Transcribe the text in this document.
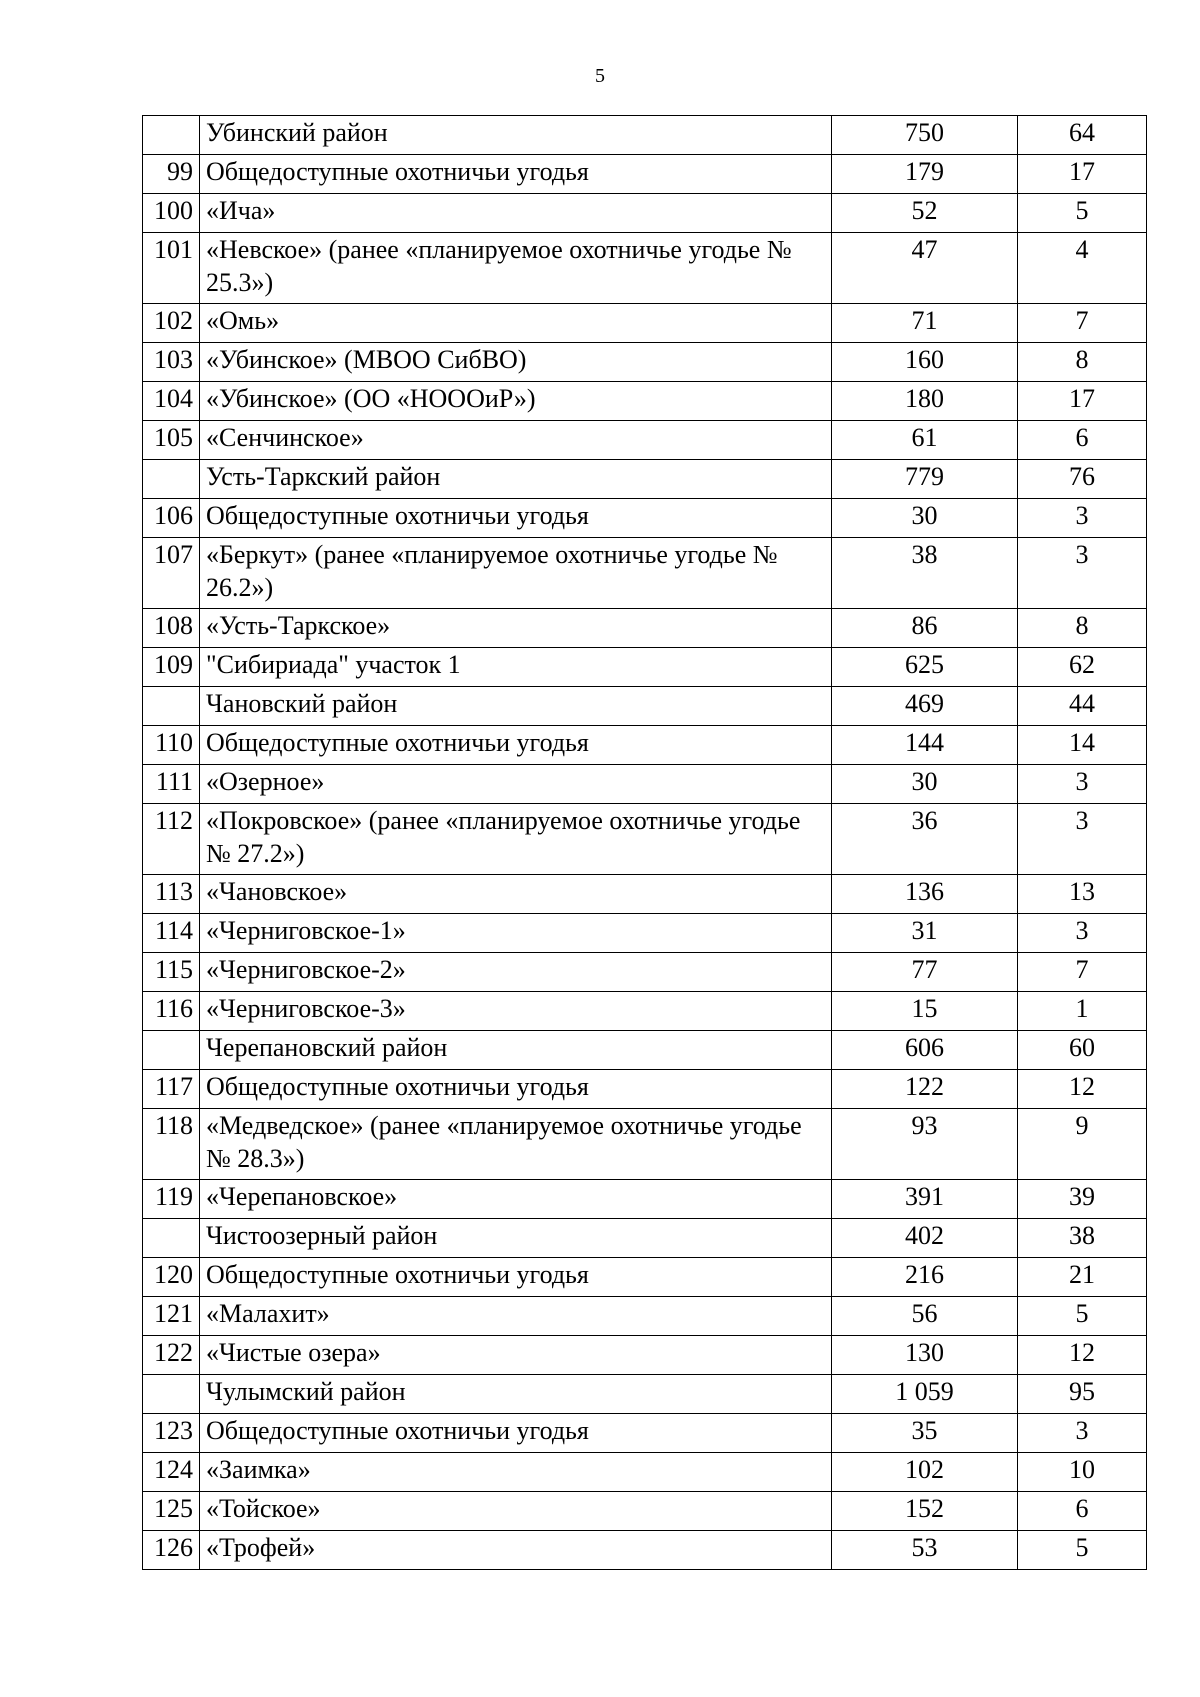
5
	Убинский район	750	64
99	Общедоступные охотничьи угодья	179	17
100	«Ича»	52	5
101	«Невское» (ранее «планируемое охотничье угодье № 25.3»)	47	4
102	«Омь»	71	7
103	«Убинское» (МВОО СибВО)	160	8
104	«Убинское» (ОО «НОООиР»)	180	17
105	«Сенчинское»	61	6
	Усть-Таркский район	779	76
106	Общедоступные охотничьи угодья	30	3
107	«Беркут» (ранее «планируемое охотничье угодье № 26.2»)	38	3
108	«Усть-Таркское»	86	8
109	"Сибириада" участок 1	625	62
	Чановский район	469	44
110	Общедоступные охотничьи угодья	144	14
111	«Озерное»	30	3
112	«Покровское» (ранее «планируемое охотничье угодье № 27.2»)	36	3
113	«Чановское»	136	13
114	«Черниговское-1»	31	3
115	«Черниговское-2»	77	7
116	«Черниговское-3»	15	1
	Черепановский район	606	60
117	Общедоступные охотничьи угодья	122	12
118	«Медведское» (ранее «планируемое охотничье угодье № 28.3»)	93	9
119	«Черепановское»	391	39
	Чистоозерный район	402	38
120	Общедоступные охотничьи угодья	216	21
121	«Малахит»	56	5
122	«Чистые озера»	130	12
	Чулымский район	1 059	95
123	Общедоступные охотничьи угодья	35	3
124	«Заимка»	102	10
125	«Тойское»	152	6
126	«Трофей»	53	5
